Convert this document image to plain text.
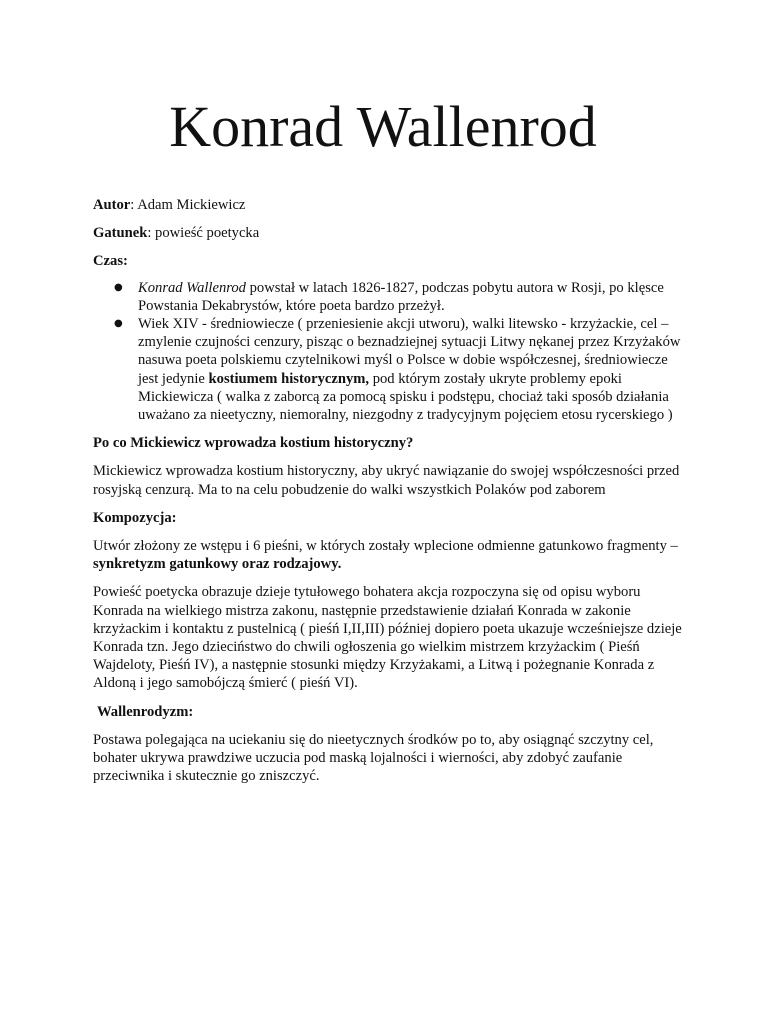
Konrad Wallenrod

Autor: Adam Mickiewicz

Gatunek: powieść poetycka

Czas:

● Konrad Wallenrod powstał w latach 1826-1827, podczas pobytu autora w Rosji, po klęsce Powstania Dekabrystów, które poeta bardzo przeżył.
● Wiek XIV - średniowiecze ( przeniesienie akcji utworu), walki litewsko - krzyżackie, cel – zmylenie czujności cenzury, pisząc o beznadziejnej sytuacji Litwy nękanej przez Krzyżaków nasuwa poeta polskiemu czytelnikowi myśl o Polsce w dobie współczesnej, średniowiecze jest jedynie kostiumem historycznym, pod którym zostały ukryte problemy epoki Mickiewicza ( walka z zaborcą za pomocą spisku i podstępu, chociaż taki sposób działania uważano za nieetyczny, niemoralny, niezgodny z tradycyjnym pojęciem etosu rycerskiego )

Po co Mickiewicz wprowadza kostium historyczny?

Mickiewicz wprowadza kostium historyczny, aby ukryć nawiązanie do swojej współczesności przed rosyjską cenzurą. Ma to na celu pobudzenie do walki wszystkich Polaków pod zaborem

Kompozycja:

Utwór złożony ze wstępu i 6 pieśni, w których zostały wplecione odmienne gatunkowo fragmenty – synkretyzm gatunkowy oraz rodzajowy.

Powieść poetycka obrazuje dzieje tytułowego bohatera akcja rozpoczyna się od opisu wyboru Konrada na wielkiego mistrza zakonu, następnie przedstawienie działań Konrada w zakonie krzyżackim i kontaktu z pustelnicą ( pieśń I,II,III) później dopiero poeta ukazuje wcześniejsze dzieje Konrada tzn. Jego dzieciństwo do chwili ogłoszenia go wielkim mistrzem krzyżackim ( Pieśń Wajdeloty, Pieśń IV), a następnie stosunki między Krzyżakami, a Litwą i pożegnanie Konrada z Aldoną i jego samobójczą śmierć ( pieśń VI).

Wallenrodyzm:

Postawa polegająca na uciekaniu się do nieetycznych środków po to, aby osiągnąć szczytny cel, bohater ukrywa prawdziwe uczucia pod maską lojalności i wierności, aby zdobyć zaufanie przeciwnika i skutecznie go zniszczyć.
